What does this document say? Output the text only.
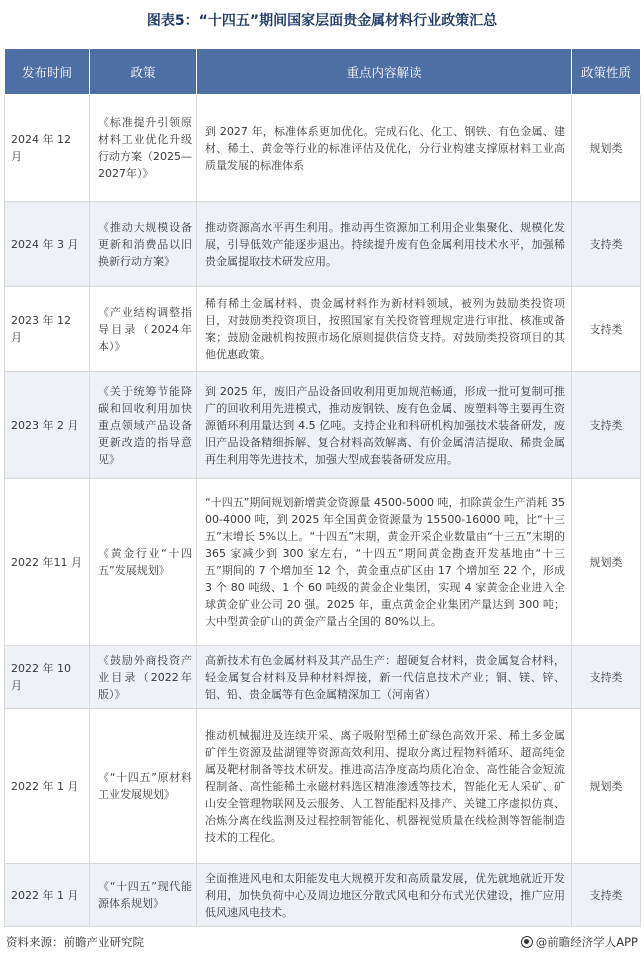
图表5：“十四五”期间国家层面贵金属材料行业政策汇总
发布时间	政策	重点内容解读	政策性质
2024 年 12 月	《标准提升引领原材料工业优化升级行动方案（2025—2027年）》	到 2027 年，标准体系更加优化。完成石化、化工、钢铁、有色金属、建材、稀土、黄金等行业的标准评估及优化，分行业构建支撑原材料工业高质量发展的标准体系	规划类
2024 年 3 月	《推动大规模设备更新和消费品以旧换新行动方案》	推动资源高水平再生利用。推动再生资源加工利用企业集聚化、规模化发展，引导低效产能逐步退出。持续提升废有色金属利用技术水平，加强稀贵金属提取技术研发应用。	支持类
2023 年 12 月	《产业结构调整指导目录（2024年本）》	稀有稀土金属材料、贵金属材料作为新材料领域，被列为鼓励类投资项目，对鼓励类投资项目，按照国家有关投资管理规定进行审批、核准或备案；鼓励金融机构按照市场化原则提供信贷支持。对鼓励类投资项目的其他优惠政策。	支持类
2023 年 2 月	《关于统筹节能降碳和回收利用加快重点领域产品设备更新改造的指导意见》	到 2025 年，废旧产品设备回收利用更加规范畅通，形成一批可复制可推广的回收利用先进模式，推动废钢铁、废有色金属、废塑料等主要再生资源循环利用量达到 4.5 亿吨。支持企业和科研机构加强技术装备研发，废旧产品设备精细拆解、复合材料高效解离、有价金属清洁提取、稀贵金属再生利用等先进技术，加强大型成套装备研发应用。	支持类
2022 年11 月	《黄金行业“十四五”发展规划》	“十四五”期间规划新增黄金资源量 4500-5000 吨，扣除黄金生产消耗 3500-4000 吨，到 2025 年全国黄金资源量为 15500-16000 吨，比“十三五”末增长 5%以上。“十四五”末期，黄金开采企业数量由“十三五”末期的 365 家减少到 300 家左右，“十四五”期间黄金勘查开发基地由“十三五”期间的 7 个增加至 12 个，黄金重点矿区由 17 个增加至 22 个，形成 3 个 80 吨级、1 个 60 吨级的黄金企业集团，实现 4 家黄金企业进入全球黄金矿业公司 20 强。2025 年，重点黄金企业集团产量达到 300 吨；大中型黄金矿山的黄金产量占全国的 80%以上。	规划类
2022 年 10 月	《鼓励外商投资产业目录（2022年版）》	高新技术有色金属材料及其产品生产：超硬复合材料，贵金属复合材料，轻金属复合材料及异种材料焊接，新一代信息技术产业；铜、镁、锌、铝、铅、贵金属等有色金属精深加工（河南省）	支持类
2022 年 1 月	《“十四五”原材料工业发展规划》	推动机械掘进及连续开采、离子吸附型稀土矿绿色高效开采、稀土多金属矿伴生资源及盐湖锂等资源高效利用、提取分离过程物料循环、超高纯金属及靶材制备等技术研发。推进高洁净度高均质化冶金、高性能合金短流程制备、高性能稀土永磁材料选区精准渗透等技术，智能化无人采矿、矿山安全管理物联网及云服务、人工智能配料及排产、关键工序虚拟仿真、冶炼分离在线监测及过程控制智能化、机器视觉质量在线检测等智能制造技术的工程化。	规划类
2022 年 1 月	《“十四五”现代能源体系规划》	全面推进风电和太阳能发电大规模开发和高质量发展，优先就地就近开发利用，加快负荷中心及周边地区分散式风电和分布式光伏建设，推广应用低风速风电技术。	支持类
资料来源：前瞻产业研究院	@前瞻经济学人APP
